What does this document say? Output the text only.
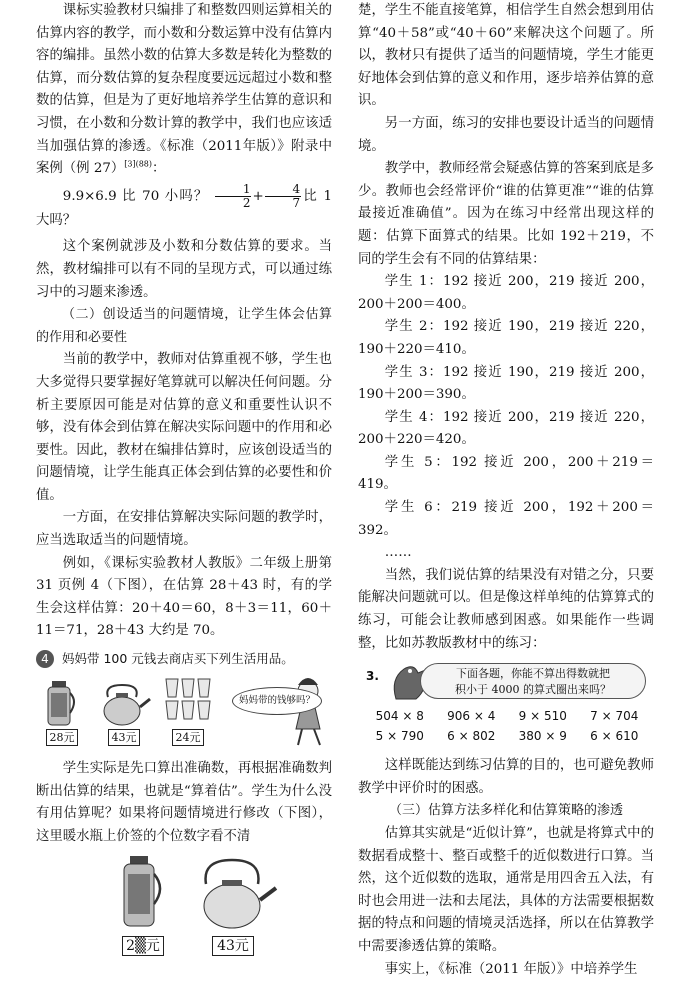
课标实验教材只编排了和整数四则运算相关的估算内容的教学，而小数和分数运算中没有估算内容的编排。虽然小数的估算大多数是转化为整数的估算，而分数估算的复杂程度要远远超过小数和整数的估算，但是为了更好地培养学生估算的意识和习惯，在小数和分数计算的教学中，我们也应该适当加强估算的渗透。《标准（2011年版）》附录中案例（例 27）$^{[3](88)}$：

9.9×6.9 比 70 小吗？ $\frac{1}{2} + \frac{4}{7}$ 比 1 大吗？

这个案例就涉及小数和分数估算的要求。当然，教材编排可以有不同的呈现方式，可以通过练习中的习题来渗透。

（二）创设适当的问题情境，让学生体会估算的作用和必要性

当前的教学中，教师对估算重视不够，学生也大多觉得只要掌握好笔算就可以解决任何问题。分析主要原因可能是对估算的意义和重要性认识不够，没有体会到估算在解决实际问题中的作用和必要性。因此，教材在编排估算时，应该创设适当的问题情境，让学生能真正体会到估算的必要性和价值。

一方面，在安排估算解决实际问题的教学时，应当选取适当的问题情境。

例如，《课标实验教材人教版》二年级上册第 31 页例 4（下图），在估算 28＋43 时，有的学生会这样估算：20＋40＝60，8＋3＝11，60＋11＝71，28＋43 大约是 70。

4 妈妈带 100 元钱去商店买下列生活用品。
28元	43元	24元
妈妈带的钱够吗？

学生实际是先口算出准确数，再根据准确数判断出估算的结果，也就是“算着估”。学生为什么没有用估算呢？如果将问题情境进行修改（下图），这里暖水瓶上价签的个位数字看不清

2▒元	43元

楚，学生不能直接笔算，相信学生自然会想到用估算“40＋58”或“40＋60”来解决这个问题了。所以，教材只有提供了适当的问题情境，学生才能更好地体会到估算的意义和作用，逐步培养估算的意识。

另一方面，练习的安排也要设计适当的问题情境。

教学中，教师经常会疑惑估算的答案到底是多少。教师也会经常评价“谁的估算更准”“谁的估算最接近准确值”。因为在练习中经常出现这样的题：估算下面算式的结果。比如 192＋219，不同的学生会有不同的估算结果：

学生 1：192 接近 200，219 接近 200，200＋200＝400。

学生 2：192 接近 190，219 接近 220，190＋220＝410。

学生 3：192 接近 190，219 接近 200，190＋200＝390。

学生 4：192 接近 200，219 接近 220，200＋220＝420。

学生 5：192 接近 200，200＋219＝419。

学生 6：219 接近 200，192＋200＝392。

……

当然，我们说估算的结果没有对错之分，只要能解决问题就可以。但是像这样单纯的估算算式的练习，可能会让教师感到困惑。如果能作一些调整，比如苏教版教材中的练习：

3.	下面各题，你能不算出得数就把
积小于 4000 的算式圈出来吗？
504 × 8	906 × 4	9 × 510	7 × 704
5 × 790	6 × 802	380 × 9	6 × 610

这样既能达到练习估算的目的，也可避免教师教学中评价时的困惑。

（三）估算方法多样化和估算策略的渗透

估算其实就是“近似计算”，也就是将算式中的数据看成整十、整百或整千的近似数进行口算。当然，这个近似数的选取，通常是用四舍五入法，有时也会用进一法和去尾法，具体的方法需要根据数据的特点和问题的情境灵活选择，所以在估算教学中需要渗透估算的策略。

事实上，《标准（2011 年版）》中培养学生
